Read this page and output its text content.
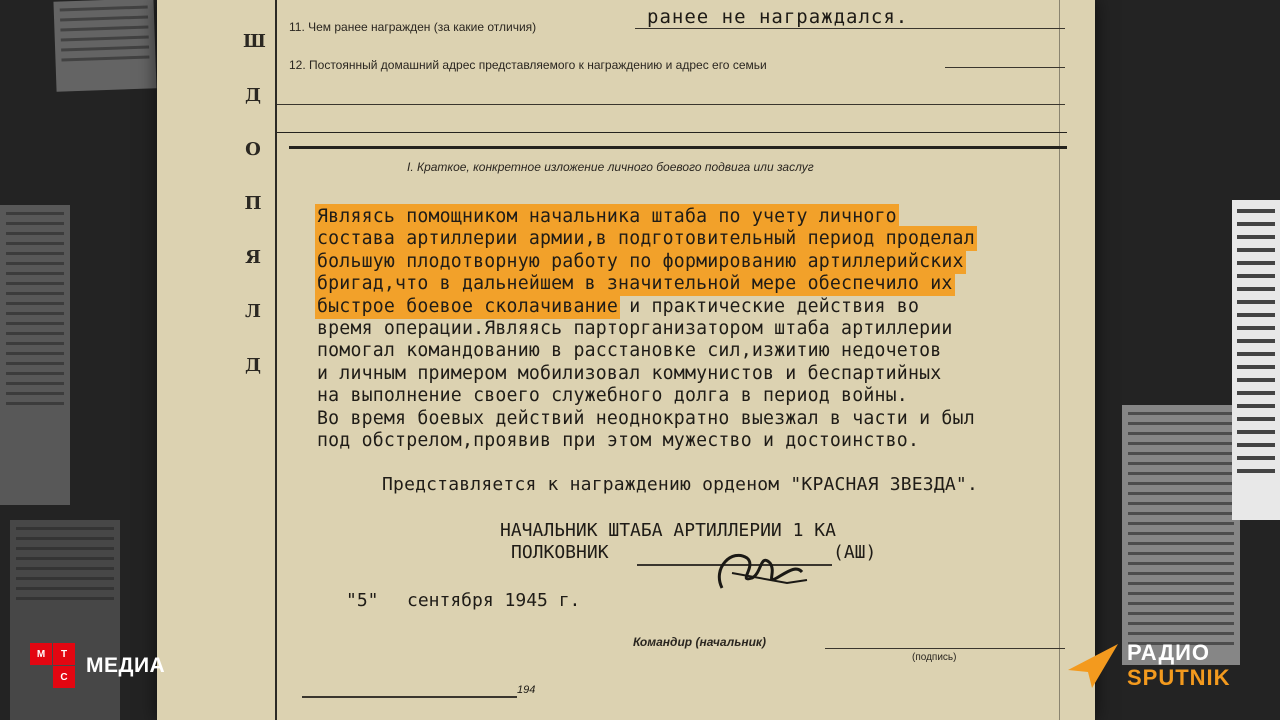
Ш
Д
О
П
Я
Л
Д
11. Чем ранее награжден (за какие отличия)	ранее не награждался.
12. Постоянный домашний адрес представляемого к награждению и адрес его семьи
I. Краткое, конкретное изложение личного боевого подвига или заслуг
Являясь помощником начальника штаба по учету личного
состава артиллерии армии,в подготовительный период проделал
большую плодотворную работу по формированию артиллерийских
бригад,что в дальнейшем в значительной мере обеспечило их
быстрое боевое сколачивание и практические действия во
время операции.Являясь парторганизатором штаба артиллерии
помогал командованию в расстановке сил,изжитию недочетов
и личным примером мобилизовал коммунистов и беспартийных
на выполнение своего служебного долга в период войны.
Во время боевых действий неоднократно выезжал в части и был
под обстрелом,проявив при этом мужество и достоинство.
Представляется к награждению орденом "КРАСНАЯ ЗВЕЗДА".
НАЧАЛЬНИК ШТАБА АРТИЛЛЕРИИ 1 КА
ПОЛКОВНИК	(АШ)
"5" сентября 1945 г.
Командир (начальник)
(подпись)
194
М	Т
С МЕДИА
РАДИО
SPUTNIK
